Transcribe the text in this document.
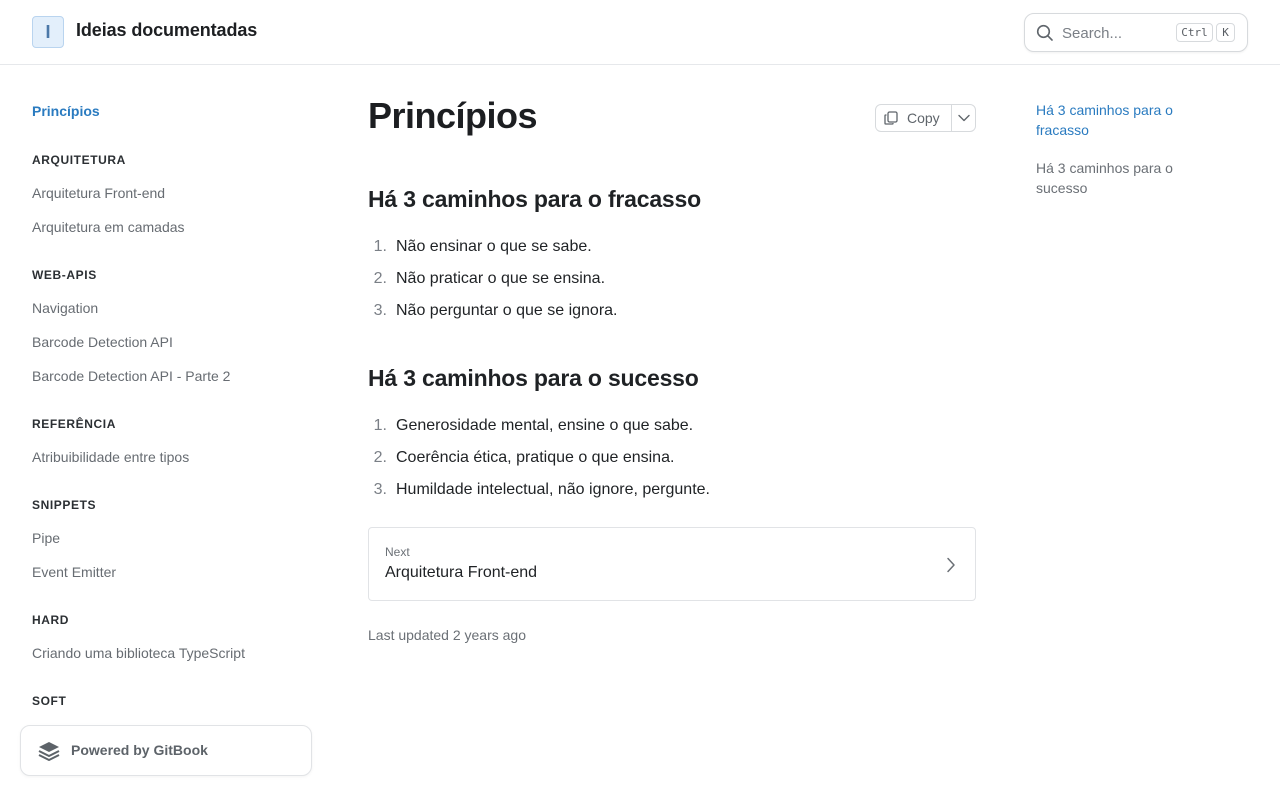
I Ideias documentadas	Search...	Ctrl	K
Princípios
ARQUITETURA
Arquitetura Front-end
Arquitetura em camadas
WEB-APIS
Navigation
Barcode Detection API
Barcode Detection API - Parte 2
REFERÊNCIA
Atribuibilidade entre tipos
SNIPPETS
Pipe
Event Emitter
HARD
Criando uma biblioteca TypeScript
SOFT
Powered by GitBook
Princípios	Copy
Há 3 caminhos para o fracasso
1. Não ensinar o que se sabe.
2. Não praticar o que se ensina.
3. Não perguntar o que se ignora.
Há 3 caminhos para o sucesso
1. Generosidade mental, ensine o que sabe.
2. Coerência ética, pratique o que ensina.
3. Humildade intelectual, não ignore, pergunte.
Next
Arquitetura Front-end
Last updated 2 years ago
Há 3 caminhos para o fracasso
Há 3 caminhos para o sucesso
